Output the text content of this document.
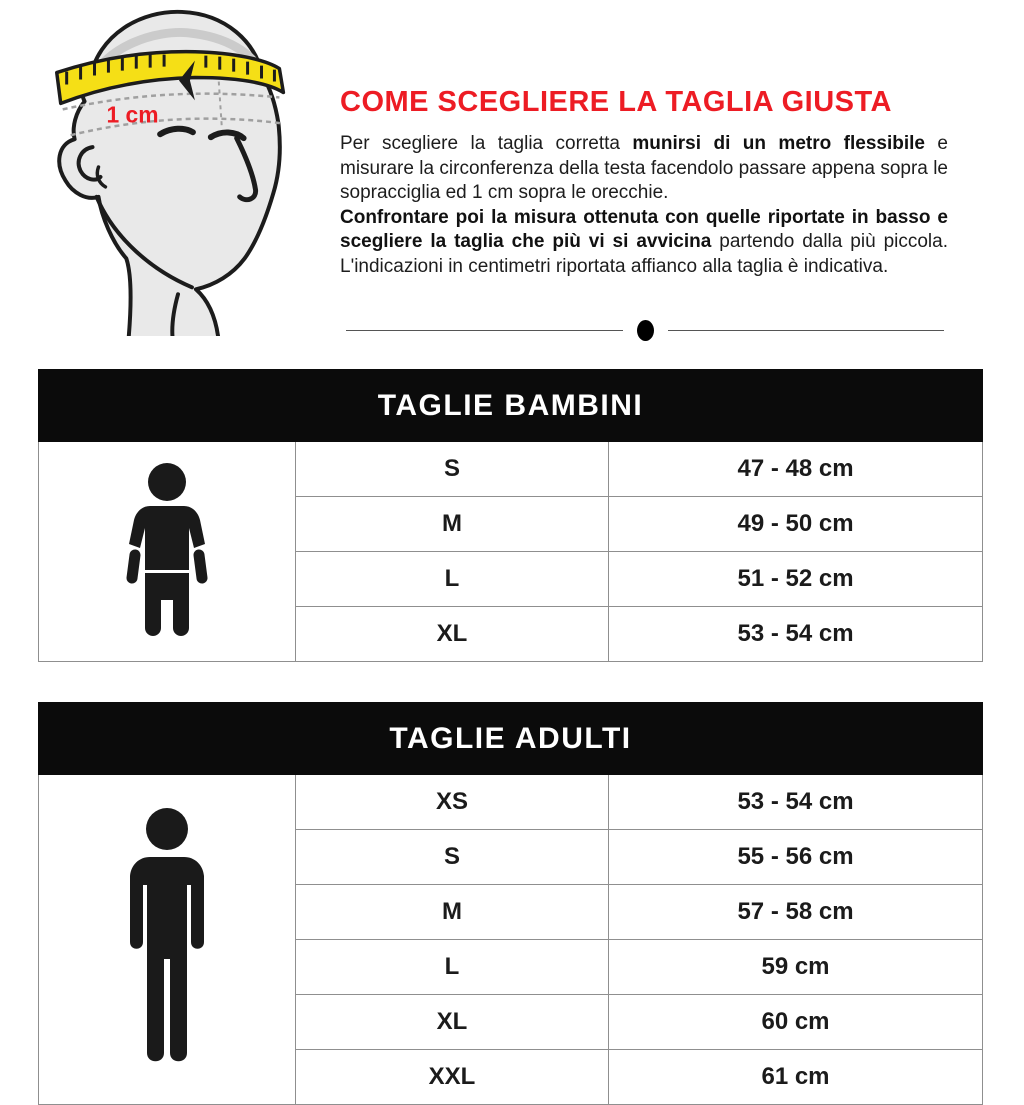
1 cm	COME SCEGLIERE LA TAGLIA GIUSTA

Per scegliere la taglia corretta munirsi di un metro flessibile e misurare la circonferenza della testa facendolo passare appena sopra le sopracciglia ed 1 cm sopra le orecchie.

Confrontare poi la misura ottenuta con quelle riportate in basso e scegliere la taglia che più vi si avvicina partendo dalla più piccola. L'indicazioni in centimetri riportata affianco alla taglia è indicativa.

TAGLIE BAMBINI		

	S	47 - 48 cm
	M	49 - 50 cm
	L	51 - 52 cm
	XL	53 - 54 cm
TAGLIE ADULTI		

	XS	53 - 54 cm
	S	55 - 56 cm
	M	57 - 58 cm
	L	59 cm
	XL	60 cm
	XXL	61 cm
